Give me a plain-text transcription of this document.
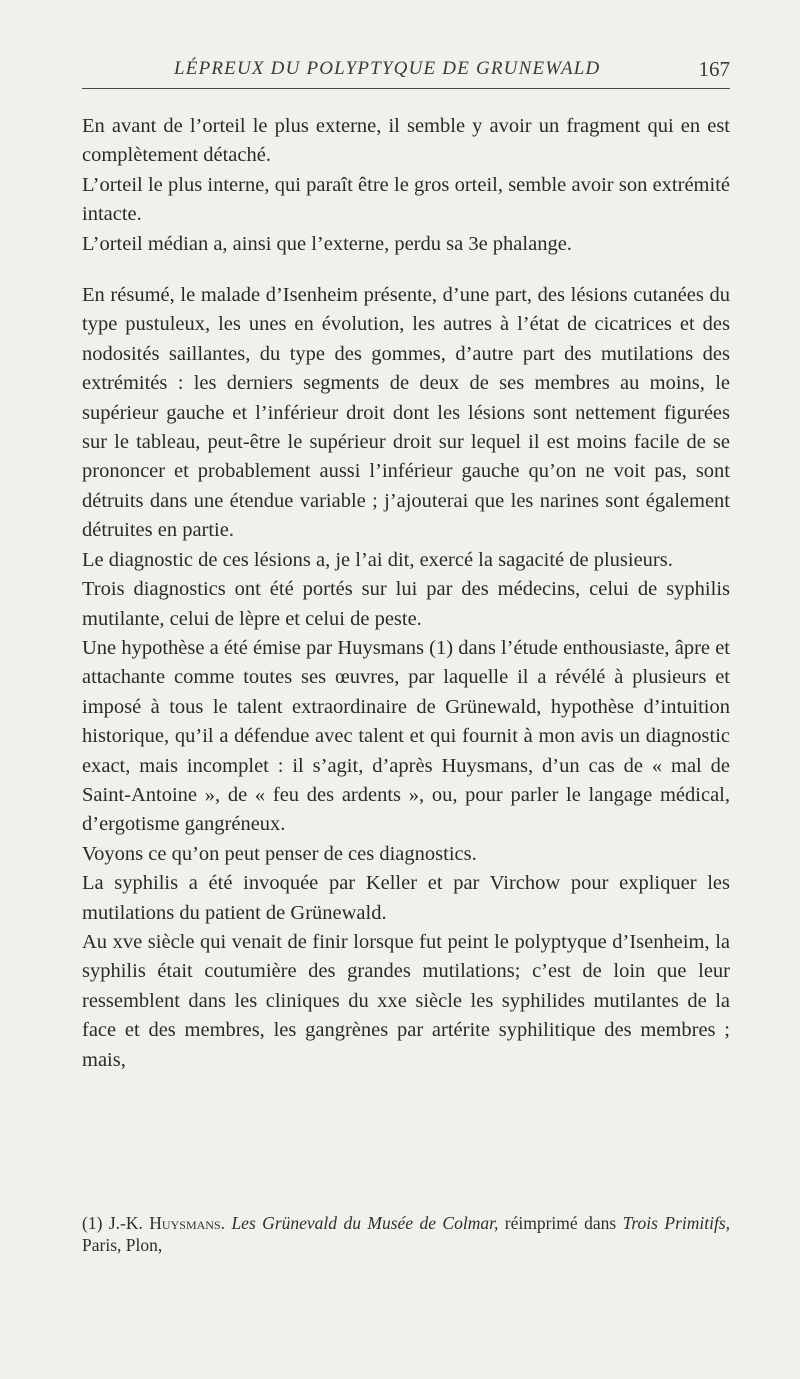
LÉPREUX DU POLYPTYQUE DE GRUNEWALD	167

En avant de l’orteil le plus externe, il semble y avoir un fragment qui en est complètement détaché.

L’orteil le plus interne, qui paraît être le gros orteil, semble avoir son extrémité intacte.

L’orteil médian a, ainsi que l’externe, perdu sa 3e phalange.

En résumé, le malade d’Isenheim présente, d’une part, des lésions cutanées du type pustuleux, les unes en évolution, les autres à l’état de cicatrices et des nodosités saillantes, du type des gommes, d’autre part des mutilations des extrémités : les derniers segments de deux de ses membres au moins, le supérieur gauche et l’inférieur droit dont les lésions sont nettement figurées sur le tableau, peut-être le supérieur droit sur lequel il est moins facile de se prononcer et probablement aussi l’inférieur gauche qu’on ne voit pas, sont détruits dans une étendue variable ; j’ajouterai que les narines sont également détruites en partie.

Le diagnostic de ces lésions a, je l’ai dit, exercé la sagacité de plusieurs.

Trois diagnostics ont été portés sur lui par des médecins, celui de syphilis mutilante, celui de lèpre et celui de peste.

Une hypothèse a été émise par Huysmans (1) dans l’étude enthousiaste, âpre et attachante comme toutes ses œuvres, par laquelle il a révélé à plusieurs et imposé à tous le talent extraordinaire de Grünewald, hypothèse d’intuition historique, qu’il a défendue avec talent et qui fournit à mon avis un diagnostic exact, mais incomplet : il s’agit, d’après Huysmans, d’un cas de « mal de Saint-Antoine », de « feu des ardents », ou, pour parler le langage médical, d’ergotisme gangréneux.

Voyons ce qu’on peut penser de ces diagnostics.

La syphilis a été invoquée par Keller et par Virchow pour expliquer les mutilations du patient de Grünewald.

Au xve siècle qui venait de finir lorsque fut peint le polyptyque d’Isenheim, la syphilis était coutumière des grandes mutilations; c’est de loin que leur ressemblent dans les cliniques du xxe siècle les syphilides mutilantes de la face et des membres, les gangrènes par artérite syphilitique des membres ; mais,

(1) J.-K. Huysmans. Les Grünevald du Musée de Colmar, réimprimé dans Trois Primitifs, Paris, Plon,
